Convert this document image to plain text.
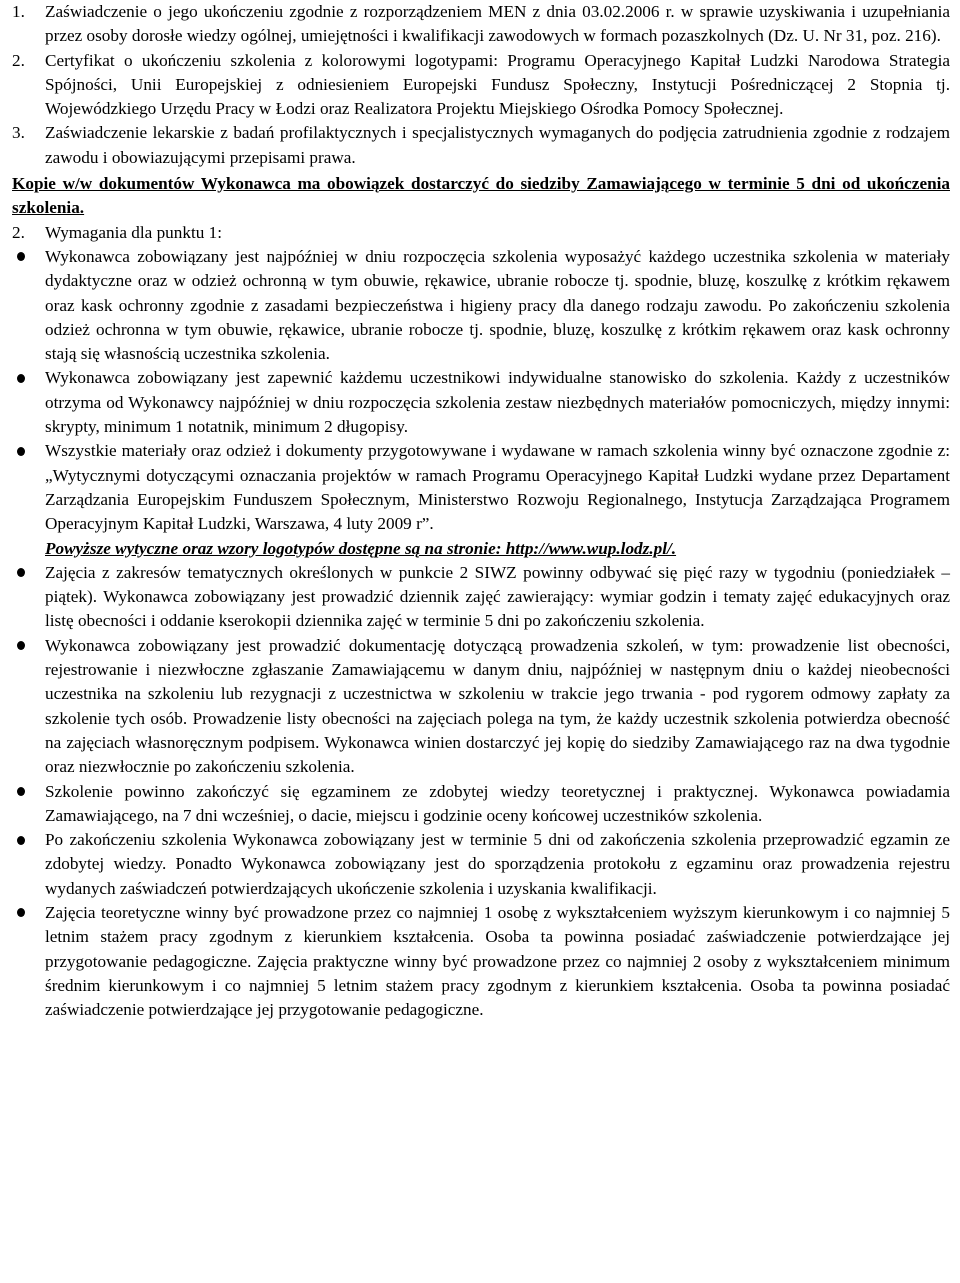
1. Zaświadczenie o jego ukończeniu zgodnie z rozporządzeniem MEN z dnia 03.02.2006 r. w sprawie uzyskiwania i uzupełniania przez osoby dorosłe wiedzy ogólnej, umiejętności i kwalifikacji zawodowych w formach pozaszkolnych (Dz. U. Nr 31, poz. 216).

2. Certyfikat o ukończeniu szkolenia z kolorowymi logotypami: Programu Operacyjnego Kapitał Ludzki Narodowa Strategia Spójności, Unii Europejskiej z odniesieniem Europejski Fundusz Społeczny, Instytucji Pośredniczącej 2 Stopnia tj. Wojewódzkiego Urzędu Pracy w Łodzi oraz Realizatora Projektu Miejskiego Ośrodka Pomocy Społecznej.

3. Zaświadczenie lekarskie z badań profilaktycznych i specjalistycznych wymaganych do podjęcia zatrudnienia zgodnie z rodzajem zawodu i obowiazującymi przepisami prawa.

Kopie w/w dokumentów Wykonawca ma obowiązek dostarczyć do siedziby Zamawiającego w terminie 5 dni od ukończenia szkolenia.

2. Wymagania dla punktu 1:

Wykonawca zobowiązany jest najpóźniej w dniu rozpoczęcia szkolenia wyposażyć każdego uczestnika szkolenia w materiały dydaktyczne oraz w odzież ochronną w tym obuwie, rękawice, ubranie robocze tj. spodnie, bluzę, koszulkę z krótkim rękawem oraz kask ochronny zgodnie z zasadami bezpieczeństwa i higieny pracy dla danego rodzaju zawodu. Po zakończeniu szkolenia odzież ochronna w tym obuwie, rękawice, ubranie robocze tj. spodnie, bluzę, koszulkę z krótkim rękawem oraz kask ochronny stają się własnością uczestnika szkolenia.
Wykonawca zobowiązany jest zapewnić każdemu uczestnikowi indywidualne stanowisko do szkolenia. Każdy z uczestników otrzyma od Wykonawcy najpóźniej w dniu rozpoczęcia szkolenia zestaw niezbędnych materiałów pomocniczych, między innymi: skrypty, minimum 1 notatnik, minimum 2 długopisy.
Wszystkie materiały oraz odzież i dokumenty przygotowywane i wydawane w ramach szkolenia winny być oznaczone zgodnie z: „Wytycznymi dotyczącymi oznaczania projektów w ramach Programu Operacyjnego Kapitał Ludzki wydane przez Departament Zarządzania Europejskim Funduszem Społecznym, Ministerstwo Rozwoju Regionalnego, Instytucja Zarządzająca Programem Operacyjnym Kapitał Ludzki, Warszawa, 4 luty 2009 r”.
Powyższe wytyczne oraz wzory logotypów dostępne są na stronie: http://www.wup.lodz.pl/.
Zajęcia z zakresów tematycznych określonych w punkcie 2 SIWZ powinny odbywać się pięć razy w tygodniu (poniedziałek – piątek). Wykonawca zobowiązany jest prowadzić dziennik zajęć zawierający: wymiar godzin i tematy zajęć edukacyjnych oraz listę obecności i oddanie kserokopii dziennika zajęć w terminie 5 dni po zakończeniu szkolenia.
Wykonawca zobowiązany jest prowadzić dokumentację dotyczącą prowadzenia szkoleń, w tym: prowadzenie list obecności, rejestrowanie i niezwłoczne zgłaszanie Zamawiającemu w danym dniu, najpóźniej w następnym dniu o każdej nieobecności uczestnika na szkoleniu lub rezygnacji z uczestnictwa w szkoleniu w trakcie jego trwania - pod rygorem odmowy zapłaty za szkolenie tych osób. Prowadzenie listy obecności na zajęciach polega na tym, że każdy uczestnik szkolenia potwierdza obecność na zajęciach własnoręcznym podpisem. Wykonawca winien dostarczyć jej kopię do siedziby Zamawiającego raz na dwa tygodnie oraz niezwłocznie po zakończeniu szkolenia.
Szkolenie powinno zakończyć się egzaminem ze zdobytej wiedzy teoretycznej i praktycznej. Wykonawca powiadamia Zamawiającego, na 7 dni wcześniej, o dacie, miejscu i godzinie oceny końcowej uczestników szkolenia.
Po zakończeniu szkolenia Wykonawca zobowiązany jest w terminie 5 dni od zakończenia szkolenia przeprowadzić egzamin ze zdobytej wiedzy. Ponadto Wykonawca zobowiązany jest do sporządzenia protokołu z egzaminu oraz prowadzenia rejestru wydanych zaświadczeń potwierdzających ukończenie szkolenia i uzyskania kwalifikacji.
Zajęcia teoretyczne winny być prowadzone przez co najmniej 1 osobę z wykształceniem wyższym kierunkowym i co najmniej 5 letnim stażem pracy zgodnym z kierunkiem kształcenia. Osoba ta powinna posiadać zaświadczenie potwierdzające jej przygotowanie pedagogiczne. Zajęcia praktyczne winny być prowadzone przez co najmniej 2 osoby z wykształceniem minimum średnim kierunkowym i co najmniej 5 letnim stażem pracy zgodnym z kierunkiem kształcenia. Osoba ta powinna posiadać zaświadczenie potwierdzające jej przygotowanie pedagogiczne.
